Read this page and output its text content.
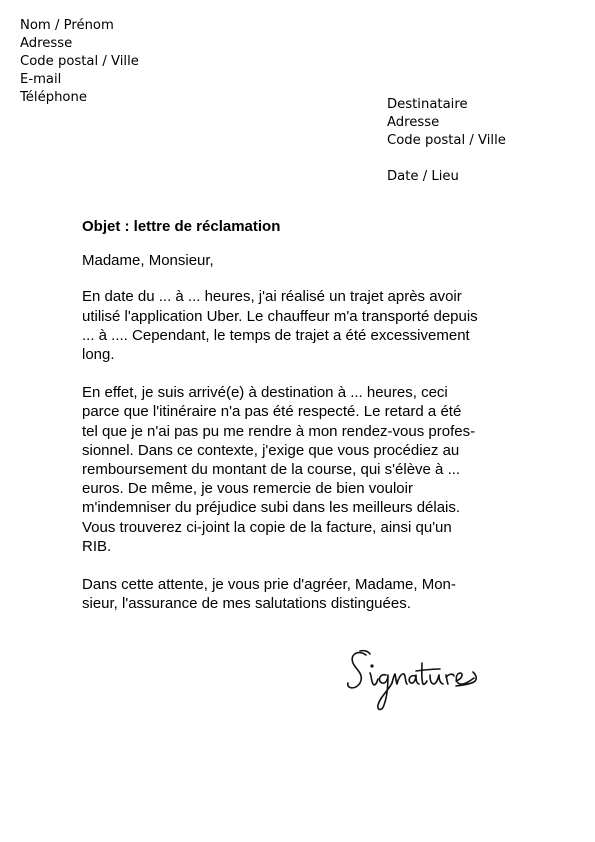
Nom / Prénom
Adresse
Code postal / Ville
E-mail
Téléphone	Destinataire
Adresse
Code postal / Ville
Date / Lieu
Objet : lettre de réclamation
Madame, Monsieur,
En date du ... à ... heures, j'ai réalisé un trajet après avoir
utilisé l'application Uber. Le chauffeur m'a transporté depuis
... à .... Cependant, le temps de trajet a été excessivement
long.
En effet, je suis arrivé(e) à destination à ... heures, ceci
parce que l'itinéraire n'a pas été respecté. Le retard a été
tel que je n'ai pas pu me rendre à mon rendez-vous profes-
sionnel. Dans ce contexte, j'exige que vous procédiez au
remboursement du montant de la course, qui s'élève à ...
euros. De même, je vous remercie de bien vouloir
m'indemniser du préjudice subi dans les meilleurs délais.
Vous trouverez ci-joint la copie de la facture, ainsi qu'un
RIB.
Dans cette attente, je vous prie d'agréer, Madame, Mon-
sieur, l'assurance de mes salutations distinguées.
